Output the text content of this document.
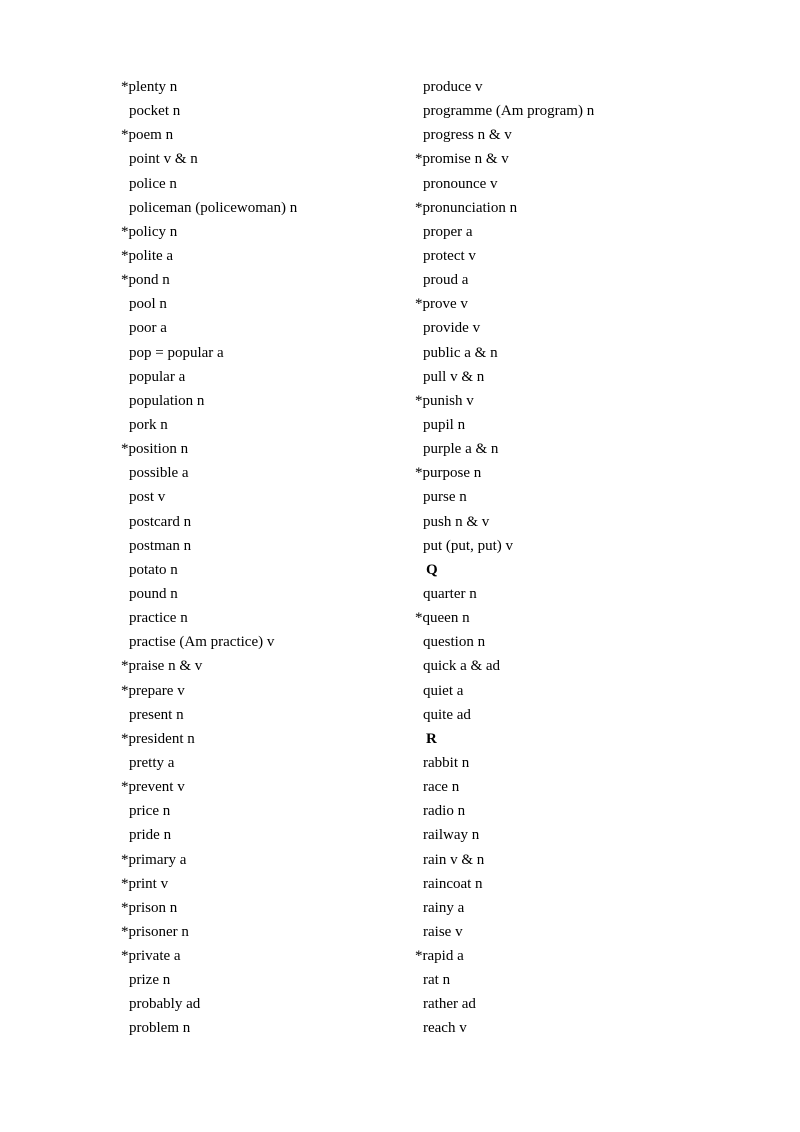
*plenty n
pocket n
*poem n
point v & n
police n
policeman (policewoman) n
*policy n
*polite a
*pond n
pool n
poor a
pop = popular a
popular a
population n
pork n
*position n
possible a
post v
postcard n
postman n
potato n
pound n
practice n
practise (Am practice) v
*praise n & v
*prepare v
present n
*president n
pretty a
*prevent v
price n
pride n
*primary a
*print v
*prison n
*prisoner n
*private a
prize n
probably ad
problem n
produce v
programme (Am program) n
progress n & v
*promise n & v
pronounce v
*pronunciation n
proper a
protect v
proud a
*prove v
provide v
public a & n
pull v & n
*punish v
pupil n
purple a & n
*purpose n
purse n
push n & v
put (put, put) v
Q
quarter n
*queen n
question n
quick a & ad
quiet a
quite ad
R
rabbit n
race n
radio n
railway n
rain v & n
raincoat n
rainy a
raise v
*rapid a
rat n
rather ad
reach v
